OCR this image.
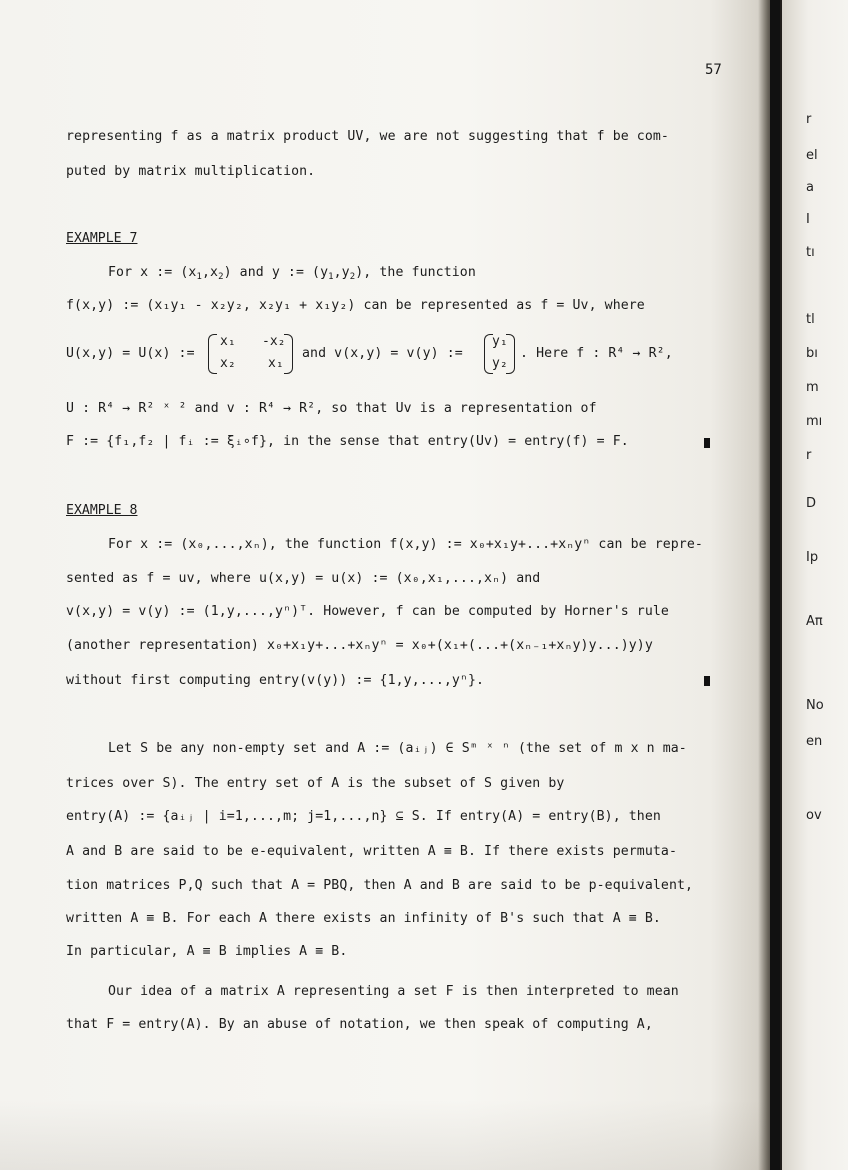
57
representing f as a matrix product UV, we are not suggesting that f be com-
puted by matrix multiplication.
EXAMPLE 7
For x := $(x_1,x_2)$ and y := $(y_1,y_2)$, the function
f(x,y) := (x₁y₁ - x₂y₂, x₂y₁ + x₁y₂) can be represented as f = Uv, where
U(x,y) = U(x) :=
x₁ -x₂
x₂ x₁
and v(x,y) = v(y) :=
y₁
y₂
. Here f : R⁴ → R²,
U : R⁴ → R² ˣ ² and v : R⁴ → R², so that Uv is a representation of
F := {f₁,f₂ | fᵢ := ξᵢ∘f}, in the sense that entry(Uv) = entry(f) = F.
EXAMPLE 8
For x := (x₀,...,xₙ), the function f(x,y) := x₀+x₁y+...+xₙyⁿ can be repre-
sented as f = uv, where u(x,y) = u(x) := (x₀,x₁,...,xₙ) and
v(x,y) = v(y) := (1,y,...,yⁿ)ᵀ. However, f can be computed by Horner's rule
(another representation) x₀+x₁y+...+xₙyⁿ = x₀+(x₁+(...+(xₙ₋₁+xₙy)y...)y)y
without first computing entry(v(y)) := {1,y,...,yⁿ}.
Let S be any non-empty set and A := (aᵢⱼ) ∈ Sᵐ ˣ ⁿ (the set of m x n ma-
trices over S). The entry set of A is the subset of S given by
entry(A) := {aᵢⱼ | i=1,...,m; j=1,...,n} ⊆ S. If entry(A) = entry(B), then
A and B are said to be e-equivalent, written A ≡ B. If there exists permuta-
tion matrices P,Q such that A = PBQ, then A and B are said to be p-equivalent,
written A ≡ B. For each A there exists an infinity of B's such that A ≡ B.
In particular, A ≡ B implies A ≡ B.
Our idea of a matrix A representing a set F is then interpreted to mean
that F = entry(A). By an abuse of notation, we then speak of computing A,
r
el
a
I
tı
tl
bı
m
mı
r
D
Ip
Aπ
No
en
ov
